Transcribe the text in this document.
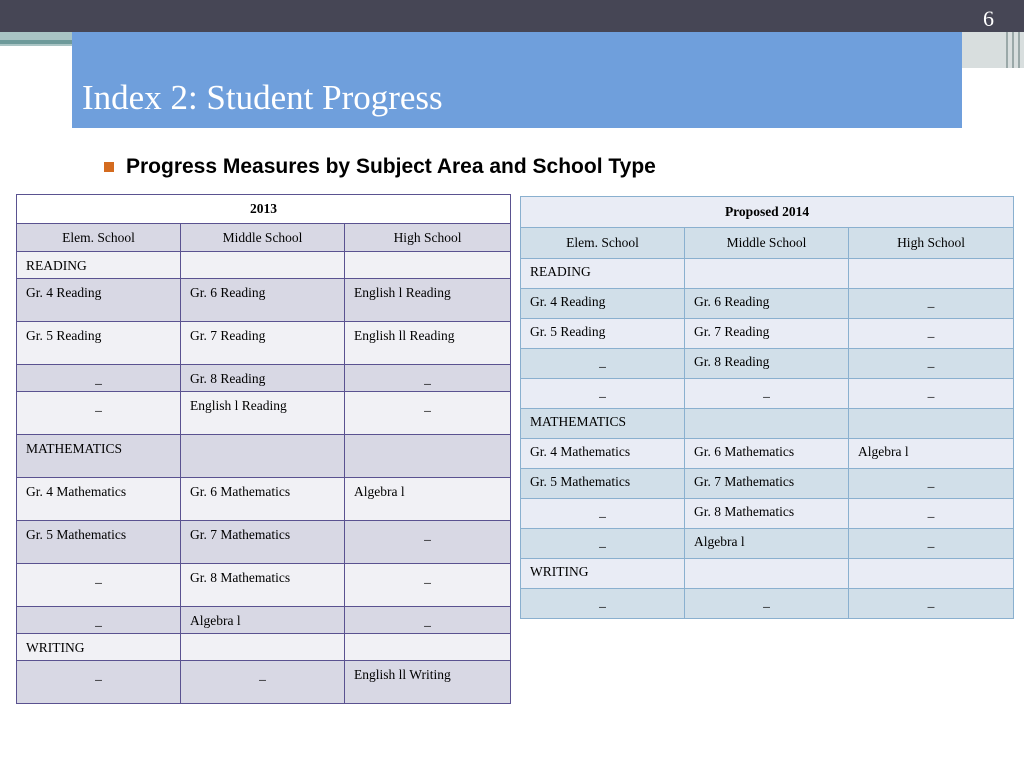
6
Index 2: Student Progress
Progress Measures by Subject Area and School Type
2013		
Elem. School	Middle School	High School
READING		
Gr. 4 Reading	Gr. 6 Reading	English l Reading
Gr. 5 Reading	Gr. 7 Reading	English ll Reading
_	Gr. 8 Reading	_
_	English l Reading	_
MATHEMATICS		
Gr. 4 Mathematics	Gr. 6 Mathematics	Algebra l
Gr. 5 Mathematics	Gr. 7 Mathematics	_
_	Gr. 8 Mathematics	_
_	Algebra l	_
WRITING		
_	_	English ll Writing
Proposed 2014		
Elem. School	Middle School	High School
READING		
Gr. 4 Reading	Gr. 6 Reading	_
Gr. 5 Reading	Gr. 7 Reading	_
_	Gr. 8 Reading	_
_	_	_
MATHEMATICS		
Gr. 4 Mathematics	Gr. 6 Mathematics	Algebra l
Gr. 5 Mathematics	Gr. 7 Mathematics	_
_	Gr. 8 Mathematics	_
_	Algebra l	_
WRITING		
_	_	_
